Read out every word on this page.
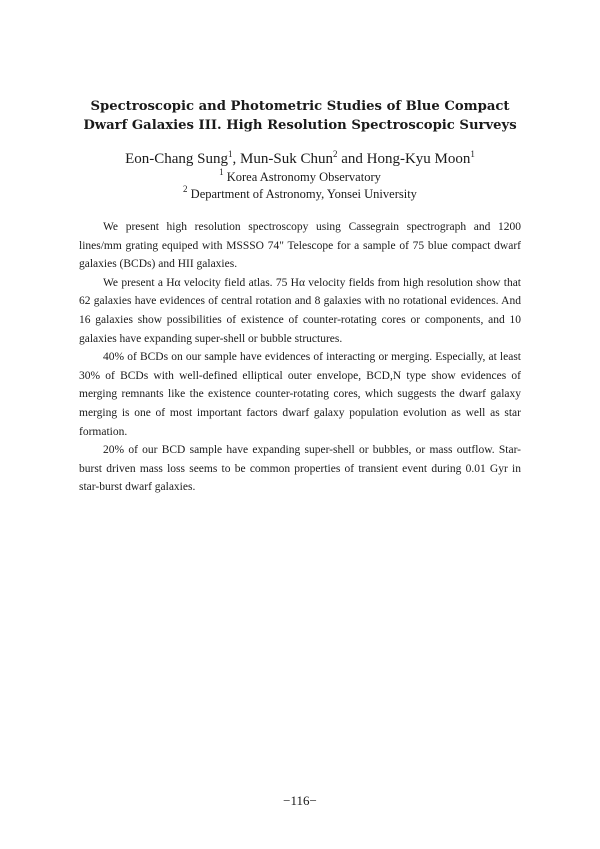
Spectroscopic and Photometric Studies of Blue Compact
Dwarf Galaxies III. High Resolution Spectroscopic Surveys

Eon-Chang Sung$^1$, Mun-Suk Chun$^2$ and Hong-Kyu Moon$^1$

$^1$ Korea Astronomy Observatory

$^2$ Department of Astronomy, Yonsei University

We present high resolution spectroscopy using Cassegrain spectrograph and 1200 lines/mm grating equiped with MSSSO 74" Telescope for a sample of 75 blue compact dwarf galaxies (BCDs) and HII galaxies.

We present a Hα velocity field atlas. 75 Hα velocity fields from high resolution show that 62 galaxies have evidences of central rotation and 8 galaxies with no rotational evidences. And 16 galaxies show possibilities of existence of counter-rotating cores or components, and 10 galaxies have expanding super-shell or bubble structures.

40% of BCDs on our sample have evidences of interacting or merging. Especially, at least 30% of BCDs with well-defined elliptical outer envelope, BCD,N type show evidences of merging remnants like the existence counter-rotating cores, which suggests the dwarf galaxy merging is one of most important factors dwarf galaxy population evolution as well as star formation.

20% of our BCD sample have expanding super-shell or bubbles, or mass outflow. Star-burst driven mass loss seems to be common properties of transient event during 0.01 Gyr in star-burst dwarf galaxies.

−116−
